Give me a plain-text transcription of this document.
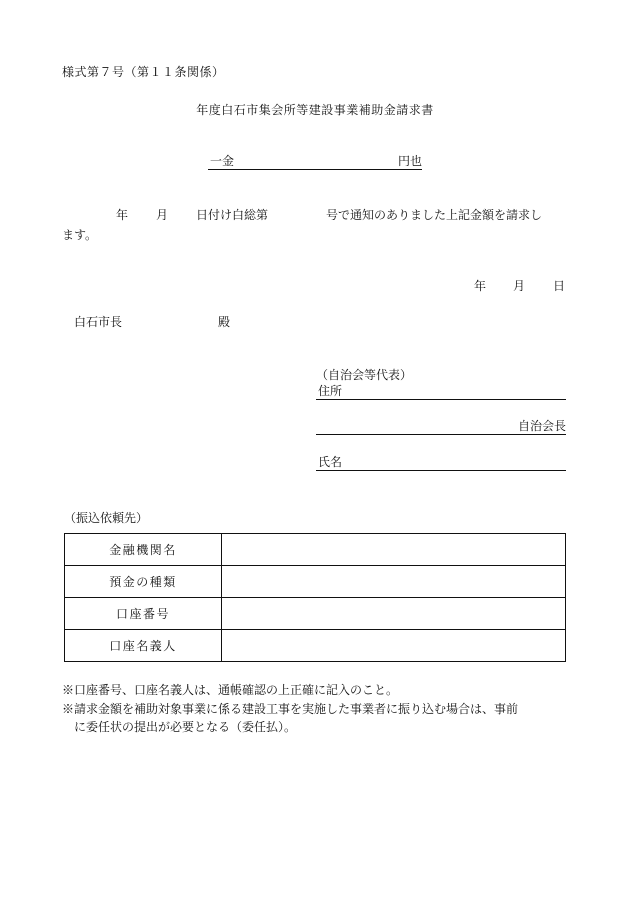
様式第７号（第１１条関係）
年度白石市集会所等建設事業補助金請求書
一金	円也
年 月 日付け白総第	号で通知のありました上記金額を請求し
ます。
年 月 日
白石市長	殿
（自治会等代表）
住所
自治会長
氏名
（振込依頼先）
金融機関名	
預金の種類	
口座番号	
口座名義人	
※口座番号、口座名義人は、通帳確認の上正確に記入のこと。
※請求金額を補助対象事業に係る建設工事を実施した事業者に振り込む場合は、事前
に委任状の提出が必要となる（委任払）。
